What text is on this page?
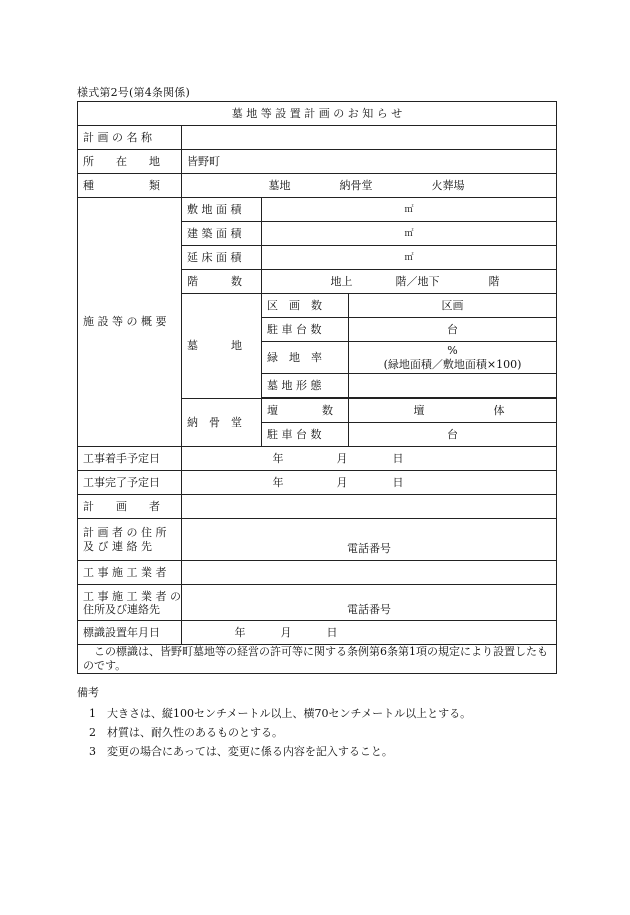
様式第2号(第4条関係)
墓 地 等 設 置 計 画 の お 知 ら せ			
計 画 の 名 称			
所　　在　　地	皆野町		
種　　　　　類	墓地 納骨堂 火葬場		
施 設 等 の 概 要	敷 地 面 積	㎡	
	建 築 面 積	㎡	
	延 床 面 積	㎡	
	階　　　数	地上 階／地下 階	
	墓　　　地	区　画　数	区画
		駐 車 台 数	台
		緑　地　率	%
(緑地面積／敷地面積×100)

		墓 地 形 態	

	納　骨　堂	壇　　　　数	壇 体
		駐 車 台 数	台
工事着手予定日	年 月 日		
工事完了予定日	年 月 日		
計　　画　　者			

計 画 者 の 住 所
及 び 連 絡 先	電話番号		
工 事 施 工 業 者			

工 事 施 工 業 者 の
住所及び連絡先	電話番号		
標識設置年月日	年 月 日		
この標識は、皆野町墓地等の経営の許可等に関する条例第6条第1項の規定により設置したものです。			
備考
1 大きさは、縦100センチメートル以上、横70センチメートル以上とする。
2 材質は、耐久性のあるものとする。
3 変更の場合にあっては、変更に係る内容を記入すること。
